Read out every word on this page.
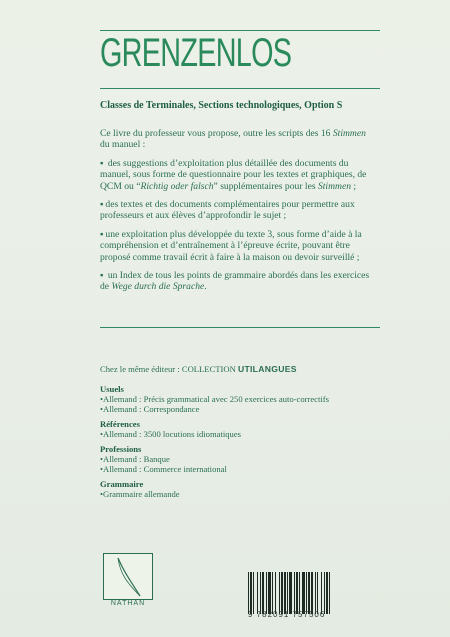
GRENZENLOS
Classes de Terminales, Sections technologiques, Option S

Ce livre du professeur vous propose, outre les scripts des 16 Stimmen du manuel :

▪ des suggestions d’exploitation plus détaillée des documents du manuel, sous forme de questionnaire pour les textes et graphiques, de QCM ou “Richtig oder falsch” supplémentaires pour les Stimmen ;

▪ des textes et des documents complémentaires pour permettre aux professeurs et aux élèves d’approfondir le sujet ;

▪ une exploitation plus développée du texte 3, sous forme d’aide à la compréhension et d’entraînement à l’épreuve écrite, pouvant être proposé comme travail écrit à faire à la maison ou devoir surveillé ;

▪ un Index de tous les points de grammaire abordés dans les exercices de Wege durch die Sprache.

Chez le même éditeur : COLLECTION UTILANGUES
Usuels
• Allemand : Précis grammatical avec 250 exercices auto-correctifs
• Allemand : Correspondance
Références
• Allemand : 3500 locutions idiomatiques
Professions
• Allemand : Banque
• Allemand : Commerce international
Grammaire
• Grammaire allemande
NATHAN
9 782091 757506
